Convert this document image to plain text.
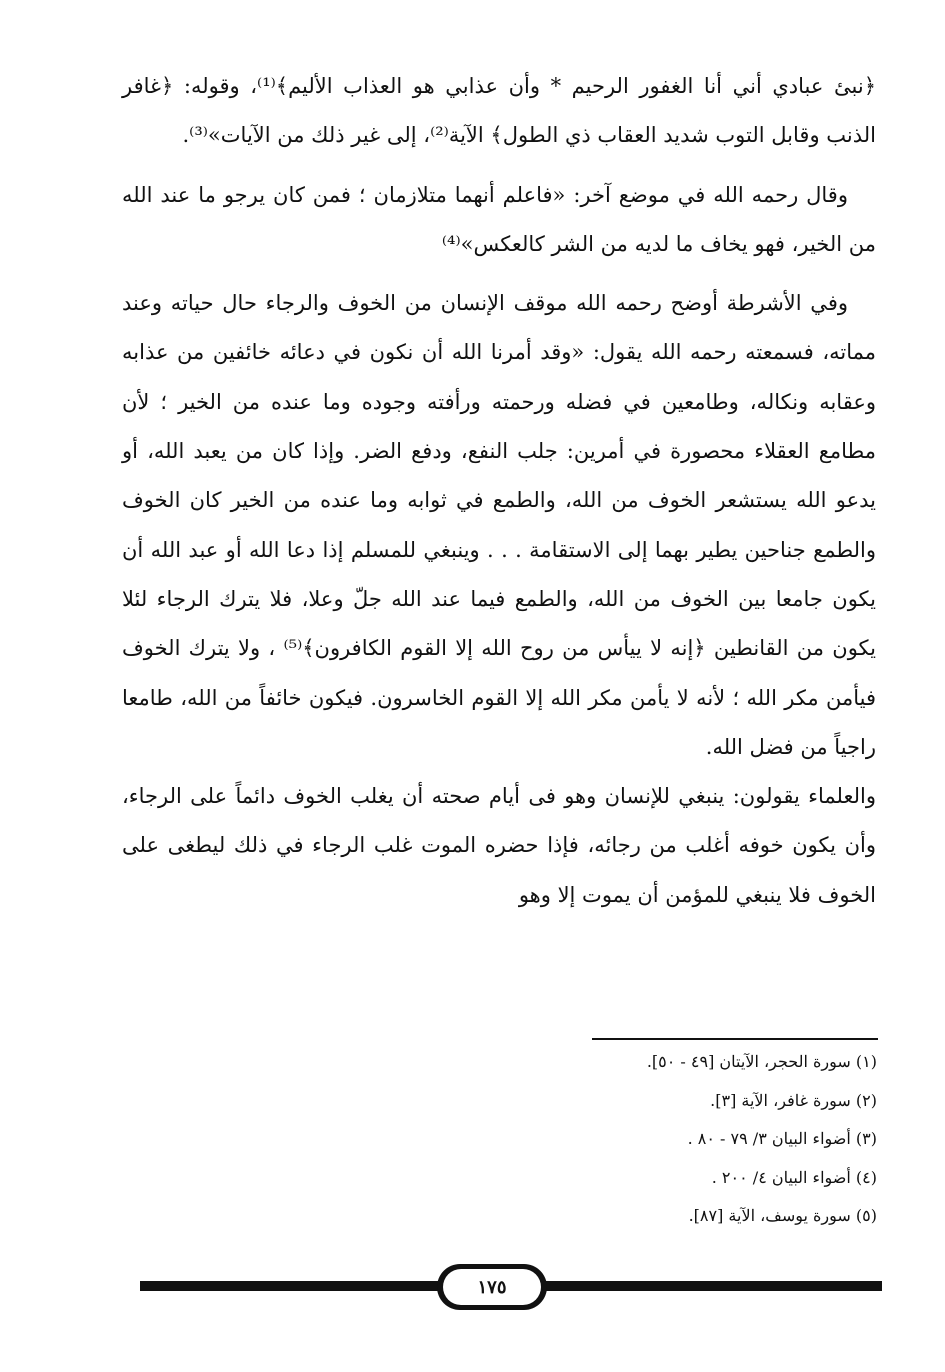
﴿نبئ عبادي أني أنا الغفور الرحيم * وأن عذابي هو العذاب الأليم﴾⁽¹⁾، وقوله: ﴿غافر الذنب وقابل التوب شديد العقاب ذي الطول﴾ الآية⁽²⁾، إلى غير ذلك من الآيات»⁽³⁾.

وقال رحمه الله في موضع آخر: «فاعلم أنهما متلازمان ؛ فمن كان يرجو ما عند الله من الخير، فهو يخاف ما لديه من الشر كالعكس»⁽⁴⁾

وفي الأشرطة أوضح رحمه الله موقف الإنسان من الخوف والرجاء حال حياته وعند مماته، فسمعته رحمه الله يقول: «وقد أمرنا الله أن نكون في دعائه خائفين من عذابه وعقابه ونكاله، وطامعين في فضله ورحمته ورأفته وجوده وما عنده من الخير ؛ لأن مطامع العقلاء محصورة في أمرين: جلب النفع، ودفع الضر. وإذا كان من يعبد الله، أو يدعو الله يستشعر الخوف من الله، والطمع في ثوابه وما عنده من الخير كان الخوف والطمع جناحين يطير بهما إلى الاستقامة . . . وينبغي للمسلم إذا دعا الله أو عبد الله أن يكون جامعا بين الخوف من الله، والطمع فيما عند الله جلّ وعلا، فلا يترك الرجاء لئلا يكون من القانطين ﴿إنه لا ييأس من روح الله إلا القوم الكافرون﴾⁽⁵⁾ ، ولا يترك الخوف فيأمن مكر الله ؛ لأنه لا يأمن مكر الله إلا القوم الخاسرون. فيكون خائفاً من الله، طامعا راجياً من فضل الله.

والعلماء يقولون: ينبغي للإنسان وهو فى أيام صحته أن يغلب الخوف دائماً على الرجاء، وأن يكون خوفه أغلب من رجائه، فإذا حضره الموت غلب الرجاء في ذلك ليطغى على الخوف فلا ينبغي للمؤمن أن يموت إلا وهو

(١) سورة الحجر، الآيتان [٤٩ - ٥٠].

(٢) سورة غافر، الآية [٣].

(٣) أضواء البيان ٣/ ٧٩ - ٨٠ .

(٤) أضواء البيان ٤/ ٢٠٠ .

(٥) سورة يوسف، الآية [٨٧].

١٧٥
